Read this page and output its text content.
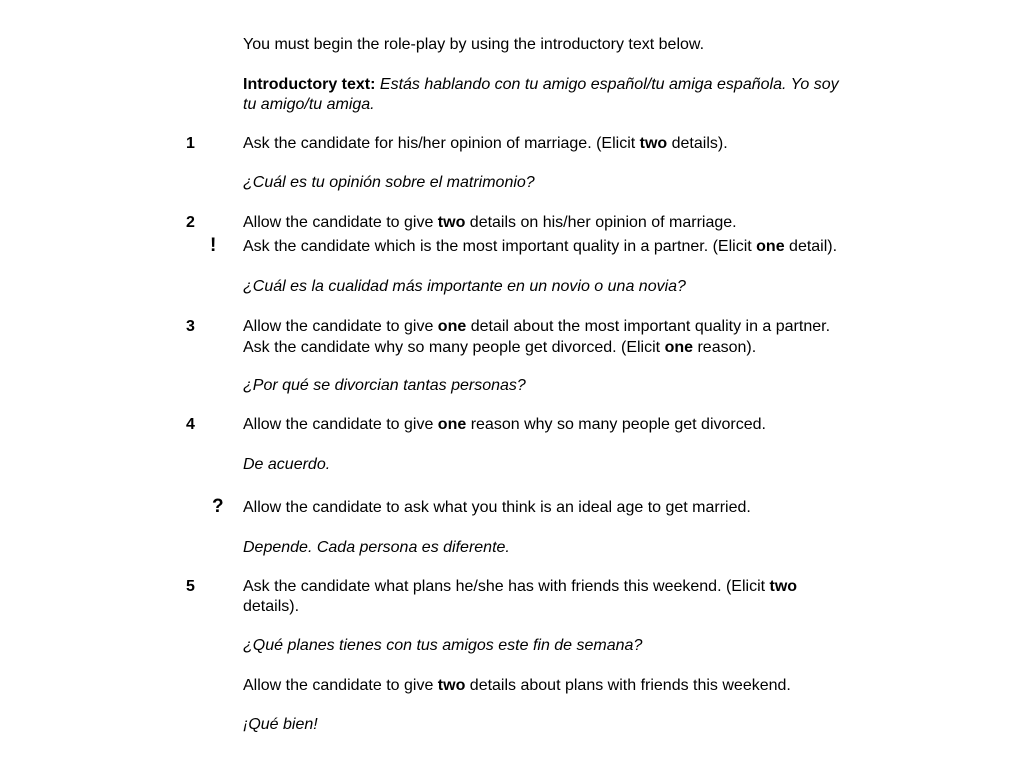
You must begin the role-play by using the introductory text below.
Introductory text: Estás hablando con tu amigo español/tu amiga española. Yo soy
tu amigo/tu amiga.
1	Ask the candidate for his/her opinion of marriage. (Elicit two details).
¿Cuál es tu opinión sobre el matrimonio?
2	Allow the candidate to give two details on his/her opinion of marriage.
! Ask the candidate which is the most important quality in a partner. (Elicit one detail).
¿Cuál es la cualidad más importante en un novio o una novia?
3	Allow the candidate to give one detail about the most important quality in a partner.
Ask the candidate why so many people get divorced. (Elicit one reason).
¿Por qué se divorcian tantas personas?
4	Allow the candidate to give one reason why so many people get divorced.
De acuerdo.
? Allow the candidate to ask what you think is an ideal age to get married.
Depende. Cada persona es diferente.
5	Ask the candidate what plans he/she has with friends this weekend. (Elicit two
details).
¿Qué planes tienes con tus amigos este fin de semana?
Allow the candidate to give two details about plans with friends this weekend.
¡Qué bien!
